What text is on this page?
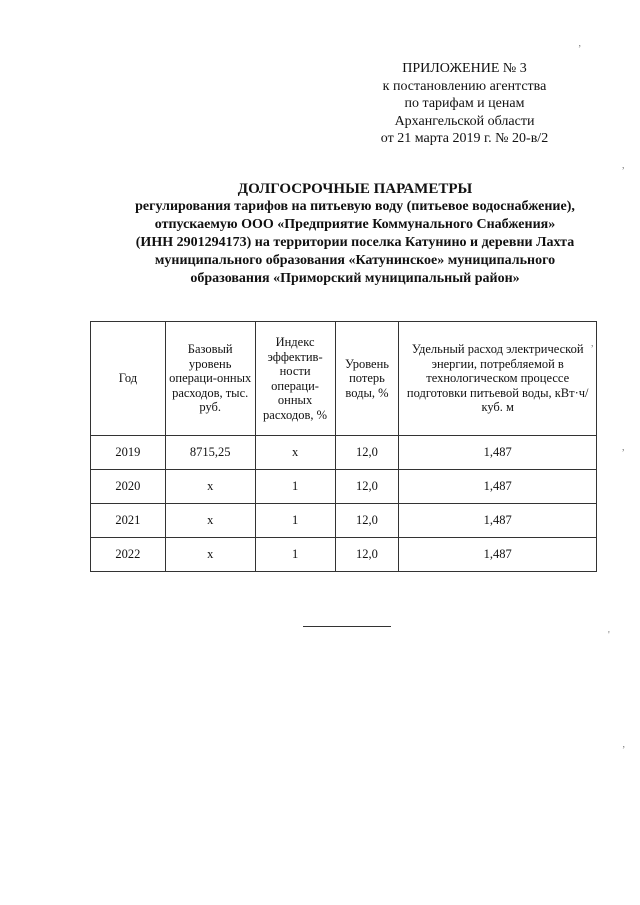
ПРИЛОЖЕНИЕ № 3
к постановлению агентства
по тарифам и ценам
Архангельской области
от 21 марта 2019 г. № 20-в/2
ДОЛГОСРОЧНЫЕ ПАРАМЕТРЫ
регулирования тарифов на питьевую воду (питьевое водоснабжение),
отпускаемую ООО «Предприятие Коммунального Снабжения»
(ИНН 2901294173) на территории поселка Катунино и деревни Лахта
муниципального образования «Катунинское» муниципального
образования «Приморский муниципальный район»
Год	Базовый уровень операци-онных расходов, тыс. руб.	Индекс эффектив-ности операци-онных расходов, %	Уровень потерь воды, %	Удельный расход электрической энергии, потребляемой в технологическом процессе подготовки питьевой воды, кВт·ч/куб. м
2019	8715,25	х	12,0	1,487
2020	х	1	12,0	1,487
2021	х	1	12,0	1,487
2022	х	1	12,0	1,487
ʼ
,
,
,
'
ʼ
